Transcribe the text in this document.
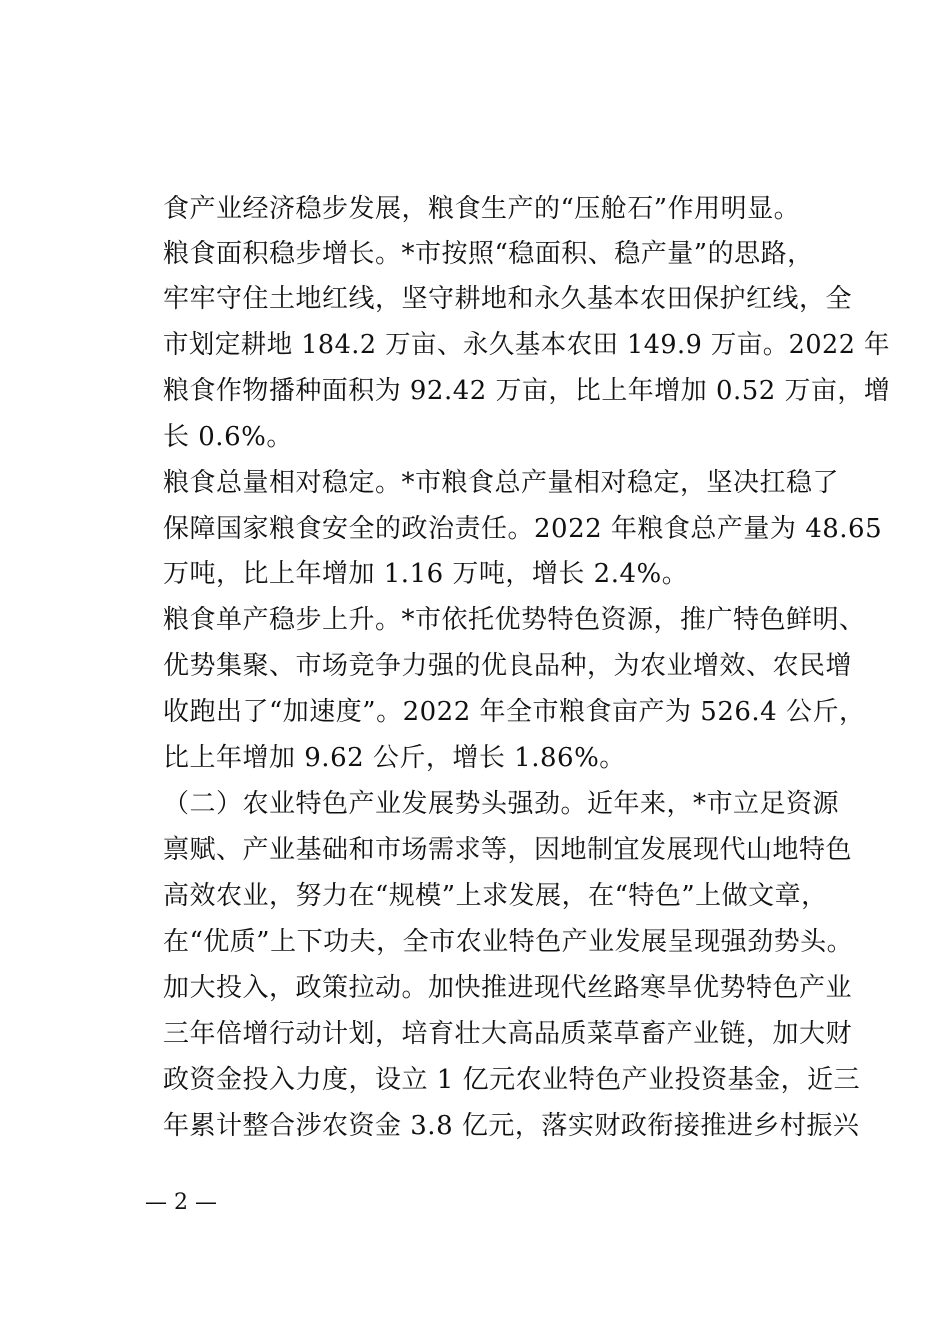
食产业经济稳步发展，粮食生产的“压舱石”作用明显。
粮食面积稳步增长。*市按照“稳面积、稳产量”的思路，
牢牢守住土地红线，坚守耕地和永久基本农田保护红线，全
市划定耕地 184.2 万亩、永久基本农田 149.9 万亩。2022 年
粮食作物播种面积为 92.42 万亩，比上年增加 0.52 万亩，增
长 0.6%。
粮食总量相对稳定。*市粮食总产量相对稳定，坚决扛稳了
保障国家粮食安全的政治责任。2022 年粮食总产量为 48.65
万吨，比上年增加 1.16 万吨，增长 2.4%。
粮食单产稳步上升。*市依托优势特色资源，推广特色鲜明、
优势集聚、市场竞争力强的优良品种，为农业增效、农民增
收跑出了“加速度”。2022 年全市粮食亩产为 526.4 公斤，
比上年增加 9.62 公斤，增长 1.86%。
（二）农业特色产业发展势头强劲。近年来，*市立足资源
禀赋、产业基础和市场需求等，因地制宜发展现代山地特色
高效农业，努力在“规模”上求发展，在“特色”上做文章，
在“优质”上下功夫，全市农业特色产业发展呈现强劲势头。
加大投入，政策拉动。加快推进现代丝路寒旱优势特色产业
三年倍增行动计划，培育壮大高品质菜草畜产业链，加大财
政资金投入力度，设立 1 亿元农业特色产业投资基金，近三
年累计整合涉农资金 3.8 亿元，落实财政衔接推进乡村振兴
— 2 —
